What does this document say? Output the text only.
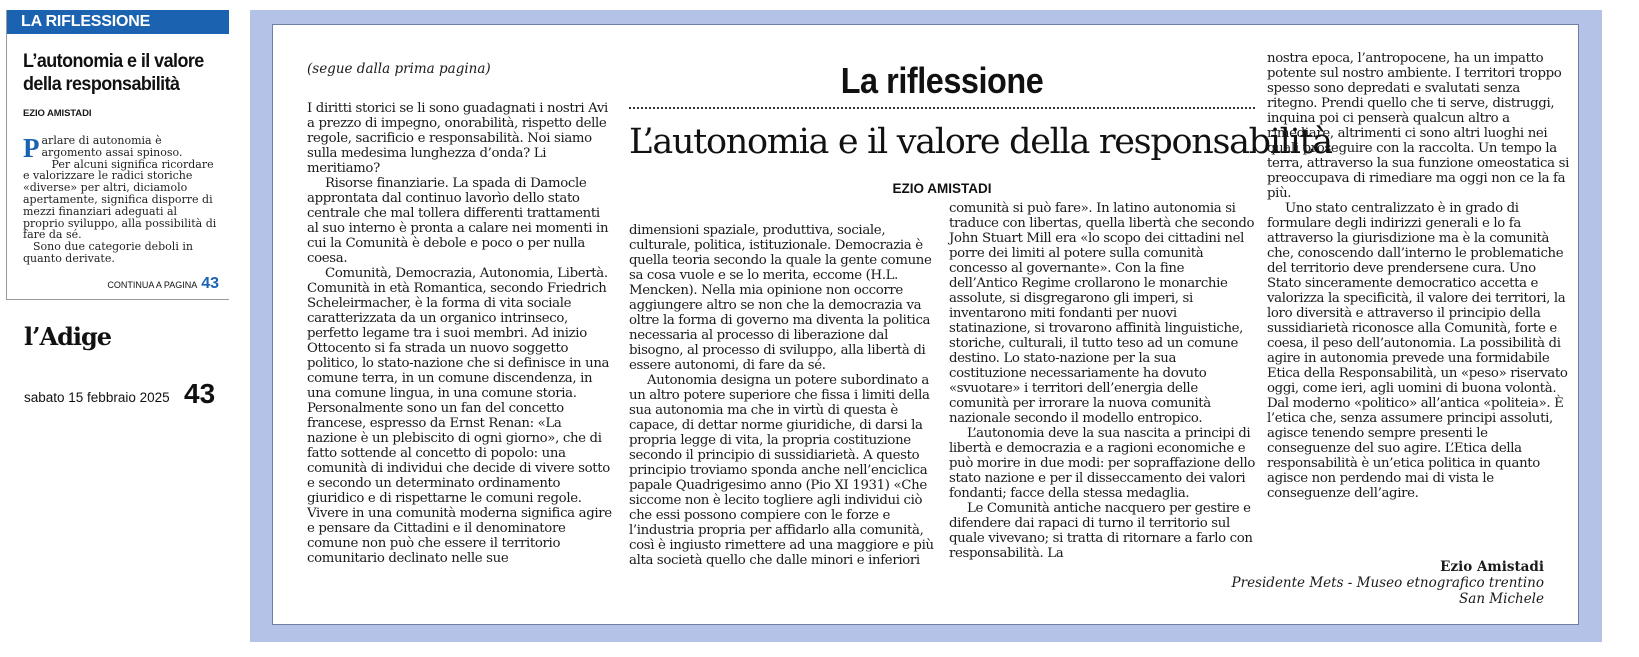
LA RIFLESSIONE
L’autonomia e il valore della responsabilità
EZIO AMISTADI

Parlare di autonomia è argomento assai spinoso.

Per alcuni significa ricordare e valorizzare le radici storiche «diverse» per altri, diciamolo apertamente, significa disporre di mezzi finanziari adeguati al proprio sviluppo, alla possibilità di fare da sé.

Sono due categorie deboli in quanto derivate.

CONTINUA A PAGINA 43
l’Adige
sabato 15 febbraio 2025 43
(segue dalla prima pagina)	La riflessione
L’autonomia e il valore della responsabilità
EZIO AMISTADI

I diritti storici se li sono guadagnati i nostri Avi a prezzo di impegno, onorabilità, rispetto delle regole, sacrificio e responsabilità. Noi siamo sulla medesima lunghezza d’onda? Li meritiamo?

Risorse finanziarie. La spada di Damocle approntata dal continuo lavorìo dello stato centrale che mal tollera differenti trattamenti al suo interno è pronta a calare nei momenti in cui la Comunità è debole e poco o per nulla coesa.

Comunità, Democrazia, Autonomia, Libertà. Comunità in età Romantica, secondo Friedrich Scheleirmacher, è la forma di vita sociale caratterizzata da un organico intrinseco, perfetto legame tra i suoi membri. Ad inizio Ottocento si fa strada un nuovo soggetto politico, lo stato-nazione che si definisce in una comune terra, in un comune discendenza, in una comune lingua, in una comune storia. Personalmente sono un fan del concetto francese, espresso da Ernst Renan: «La nazione è un plebiscito di ogni giorno», che di fatto sottende al concetto di popolo: una comunità di individui che decide di vivere sotto e secondo un determinato ordinamento giuridico e di rispettarne le comuni regole. Vivere in una comunità moderna significa agire e pensare da Cittadini e il denominatore comune non può che essere il territorio comunitario declinato nelle sue

dimensioni spaziale, produttiva, sociale, culturale, politica, istituzionale. Democrazia è quella teoria secondo la quale la gente comune sa cosa vuole e se lo merita, eccome (H.L. Mencken). Nella mia opinione non occorre aggiungere altro se non che la democrazia va oltre la forma di governo ma diventa la politica necessaria al processo di liberazione dal bisogno, al processo di sviluppo, alla libertà di essere autonomi, di fare da sé.

Autonomia designa un potere subordinato a un altro potere superiore che fissa i limiti della sua autonomia ma che in virtù di questa è capace, di dettar norme giuridiche, di darsi la propria legge di vita, la propria costituzione secondo il principio di sussidiarietà. A questo principio troviamo sponda anche nell’enciclica papale Quadrigesimo anno (Pio XI 1931) «Che siccome non è lecito togliere agli individui ciò che essi possono compiere con le forze e l’industria propria per affidarlo alla comunità, così è ingiusto rimettere ad una maggiore e più alta società quello che dalle minori e inferiori

comunità si può fare». In latino autonomia si traduce con libertas, quella libertà che secondo John Stuart Mill era «lo scopo dei cittadini nel porre dei limiti al potere sulla comunità concesso al governante». Con la fine dell’Antico Regime crollarono le monarchie assolute, si disgregarono gli imperi, si inventarono miti fondanti per nuovi statinazione, si trovarono affinità linguistiche, storiche, culturali, il tutto teso ad un comune destino. Lo stato-nazione per la sua costituzione necessariamente ha dovuto «svuotare» i territori dell’energia delle comunità per irrorare la nuova comunità nazionale secondo il modello entropico.

L’autonomia deve la sua nascita a principi di libertà e democrazia e a ragioni economiche e può morire in due modi: per sopraffazione dello stato nazione e per il disseccamento dei valori fondanti; facce della stessa medaglia.

Le Comunità antiche nacquero per gestire e difendere dai rapaci di turno il territorio sul quale vivevano; si tratta di ritornare a farlo con responsabilità. La

nostra epoca, l’antropocene, ha un impatto potente sul nostro ambiente. I territori troppo spesso sono depredati e svalutati senza ritegno. Prendi quello che ti serve, distruggi, inquina poi ci penserà qualcun altro a rimediare, altrimenti ci sono altri luoghi nei quali proseguire con la raccolta. Un tempo la terra, attraverso la sua funzione omeostatica si preoccupava di rimediare ma oggi non ce la fa più.

Uno stato centralizzato è in grado di formulare degli indirizzi generali e lo fa attraverso la giurisdizione ma è la comunità che, conoscendo dall’interno le problematiche del territorio deve prendersene cura. Uno Stato sinceramente democratico accetta e valorizza la specificità, il valore dei territori, la loro diversità e attraverso il principio della sussidiarietà riconosce alla Comunità, forte e coesa, il peso dell’autonomia. La possibilità di agire in autonomia prevede una formidabile Etica della Responsabilità, un «peso» riservato oggi, come ieri, agli uomini di buona volontà. Dal moderno «politico» all’antica «politeia». È l’etica che, senza assumere principi assoluti, agisce tenendo sempre presenti le conseguenze del suo agire. L’Etica della responsabilità è un’etica politica in quanto agisce non perdendo mai di vista le conseguenze dell’agire.

Ezio Amistadi
Presidente Mets - Museo etnografico trentino
San Michele
